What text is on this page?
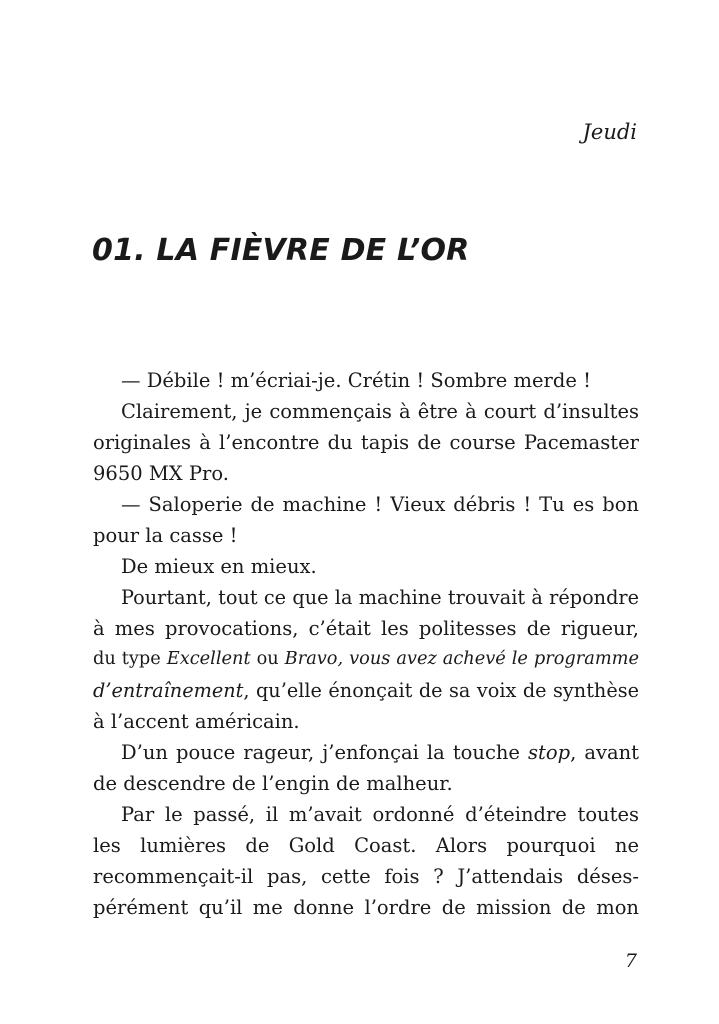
Jeudi
01. LA FIÈVRE DE L’OR
— Débile ! m’écriai-je. Crétin ! Sombre merde !
Clairement, je commençais à être à court d’insultes
originales à l’encontre du tapis de course Pacemaster
9650 MX Pro.
— Saloperie de machine ! Vieux débris ! Tu es bon
pour la casse !
De mieux en mieux.
Pourtant, tout ce que la machine trouvait à répondre
à mes provocations, c’était les politesses de rigueur,
du type Excellent ou Bravo, vous avez achevé le programme
d’entraînement, qu’elle énonçait de sa voix de synthèse
à l’accent américain.
D’un pouce rageur, j’enfonçai la touche stop, avant
de descendre de l’engin de malheur.
Par le passé, il m’avait ordonné d’éteindre toutes
les lumières de Gold Coast. Alors pourquoi ne
recommençait-il pas, cette fois ? J’attendais déses-
pérément qu’il me donne l’ordre de mission de mon
7
